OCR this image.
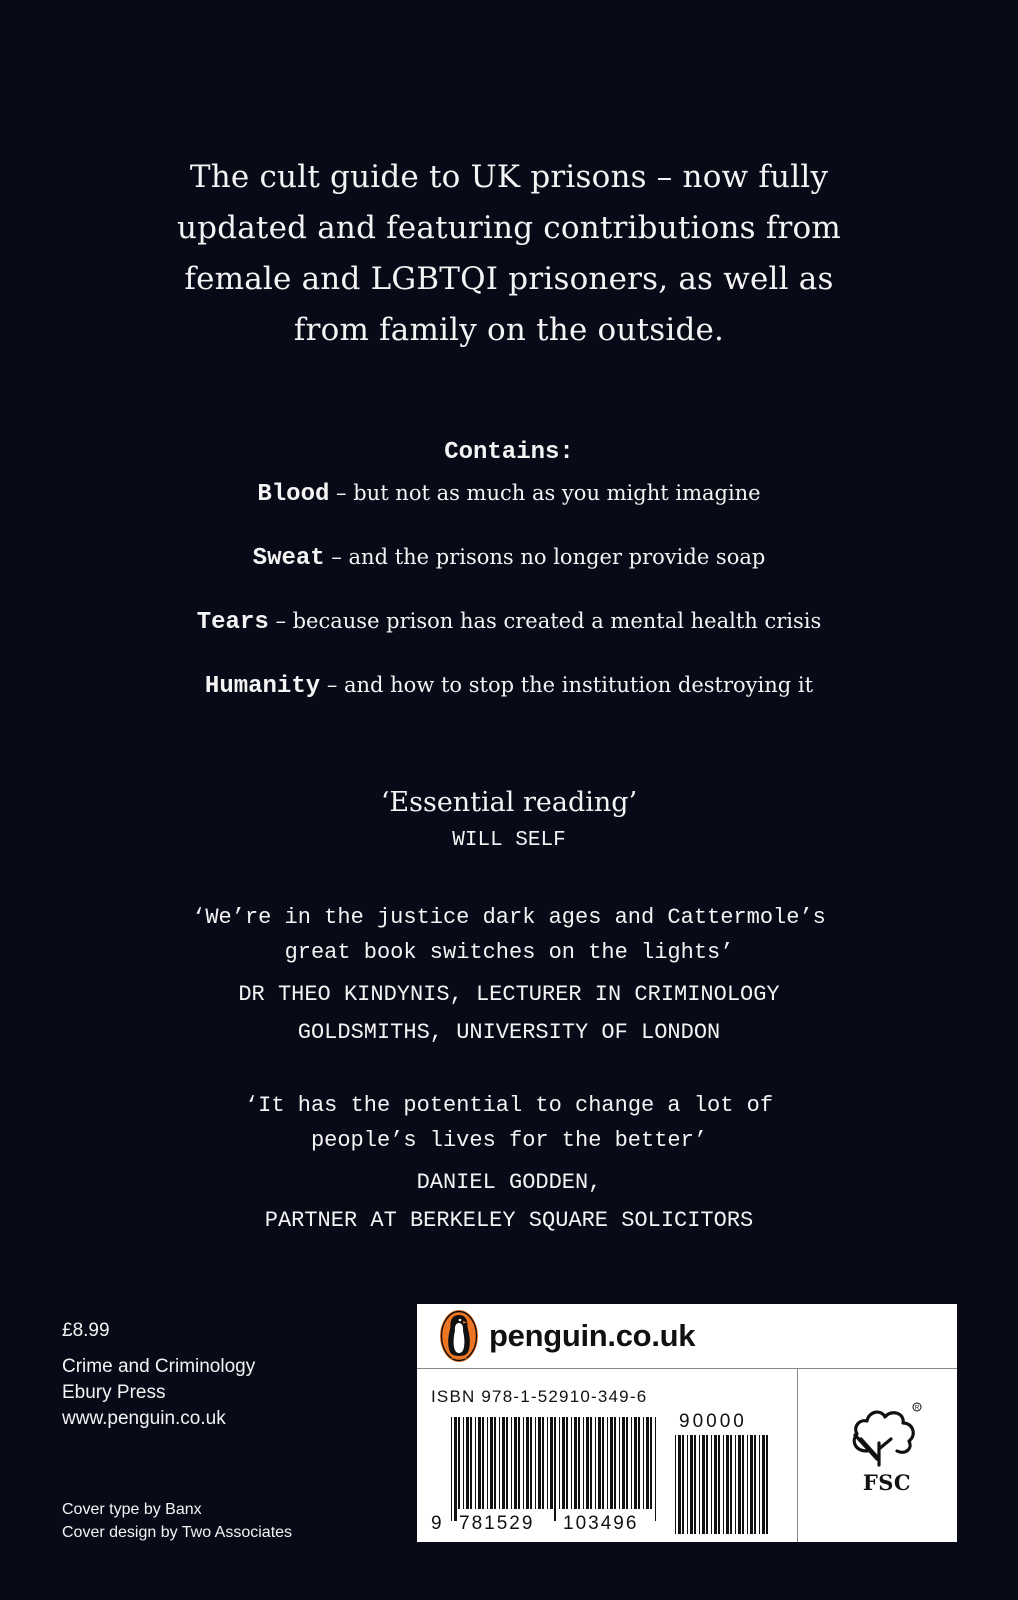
The cult guide to UK prisons – now fully
updated and featuring contributions from
female and LGBTQI prisoners, as well as
from family on the outside.
Contains:
Blood – but not as much as you might imagine
Sweat – and the prisons no longer provide soap
Tears – because prison has created a mental health crisis
Humanity – and how to stop the institution destroying it
‘Essential reading’
WILL SELF
‘We’re in the justice dark ages and Cattermole’s
great book switches on the lights’
DR THEO KINDYNIS, LECTURER IN CRIMINOLOGY
GOLDSMITHS, UNIVERSITY OF LONDON
‘It has the potential to change a lot of
people’s lives for the better’
DANIEL GODDEN,
PARTNER AT BERKELEY SQUARE SOLICITORS
£8.99
Crime and Criminology
Ebury Press
www.penguin.co.uk
Cover type by Banx
Cover design by Two Associates
penguin.co.uk
ISBN 978-1-52910-349-6
9 781529 103496
90000
R
FSC
